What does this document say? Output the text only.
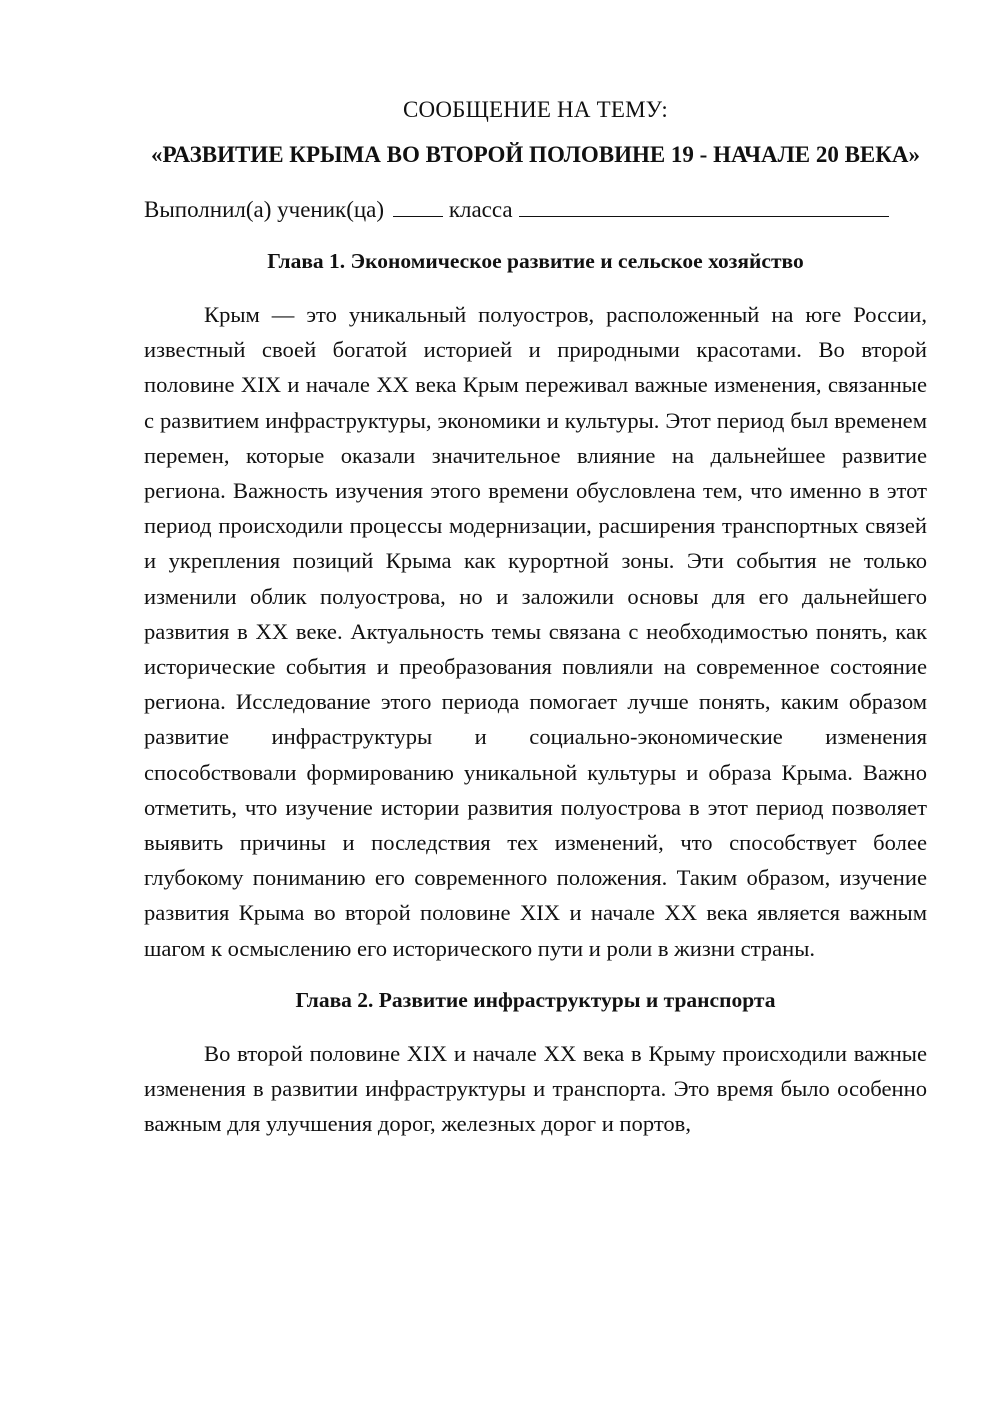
СООБЩЕНИЕ НА ТЕМУ:
«РАЗВИТИЕ КРЫМА ВО ВТОРОЙ ПОЛОВИНЕ 19 - НАЧАЛЕ 20 ВЕКА»

Выполнил(а) ученик(ца)	класса

Глава 1. Экономическое развитие и сельское хозяйство

Крым — это уникальный полуостров, расположенный на юге России, известный своей богатой историей и природными красотами. Во второй половине XIX и начале XX века Крым переживал важные изменения, связанные с развитием инфраструктуры, экономики и культуры. Этот период был временем перемен, которые оказали значительное влияние на дальнейшее развитие региона. Важность изучения этого времени обусловлена тем, что именно в этот период происходили процессы модернизации, расширения транспортных связей и укрепления позиций Крыма как курортной зоны. Эти события не только изменили облик полуострова, но и заложили основы для его дальнейшего развития в XX веке. Актуальность темы связана с необходимостью понять, как исторические события и преобразования повлияли на современное состояние региона. Исследование этого периода помогает лучше понять, каким образом развитие инфраструктуры и социально-экономические изменения способствовали формированию уникальной культуры и образа Крыма. Важно отметить, что изучение истории развития полуострова в этот период позволяет выявить причины и последствия тех изменений, что способствует более глубокому пониманию его современного положения. Таким образом, изучение развития Крыма во второй половине XIX и начале XX века является важным шагом к осмыслению его исторического пути и роли в жизни страны.

Глава 2. Развитие инфраструктуры и транспорта

Во второй половине XIX и начале XX века в Крыму происходили важные изменения в развитии инфраструктуры и транспорта. Это время было особенно важным для улучшения дорог, железных дорог и портов,
